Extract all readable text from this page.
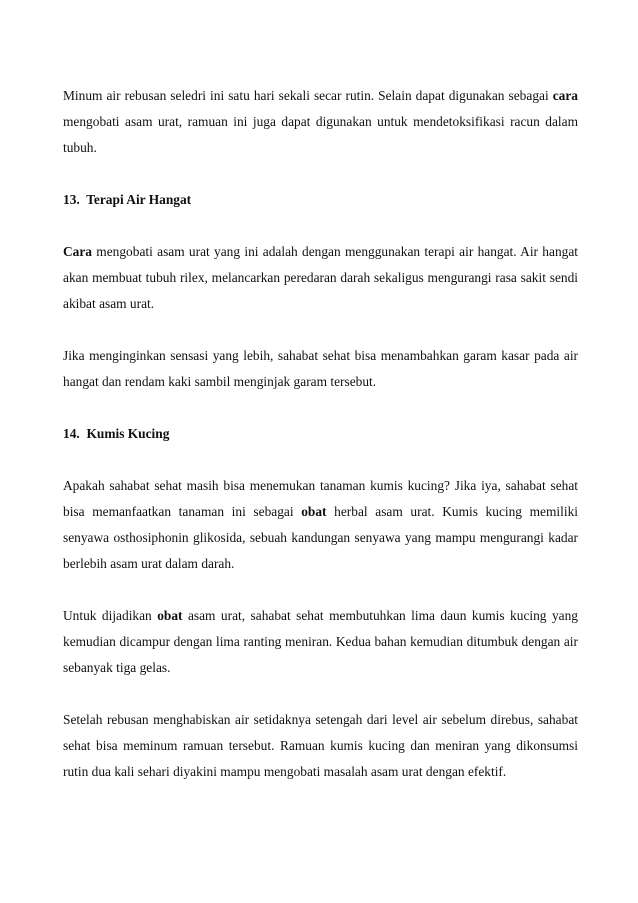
Minum air rebusan seledri ini satu hari sekali secar rutin. Selain dapat digunakan sebagai cara mengobati asam urat, ramuan ini juga dapat digunakan untuk mendetoksifikasi racun dalam tubuh.

13. Terapi Air Hangat

Cara mengobati asam urat yang ini adalah dengan menggunakan terapi air hangat. Air hangat akan membuat tubuh rilex, melancarkan peredaran darah sekaligus mengurangi rasa sakit sendi akibat asam urat.

Jika menginginkan sensasi yang lebih, sahabat sehat bisa menambahkan garam kasar pada air hangat dan rendam kaki sambil menginjak garam tersebut.

14. Kumis Kucing

Apakah sahabat sehat masih bisa menemukan tanaman kumis kucing? Jika iya, sahabat sehat bisa memanfaatkan tanaman ini sebagai obat herbal asam urat. Kumis kucing memiliki senyawa osthosiphonin glikosida, sebuah kandungan senyawa yang mampu mengurangi kadar berlebih asam urat dalam darah.

Untuk dijadikan obat asam urat, sahabat sehat membutuhkan lima daun kumis kucing yang kemudian dicampur dengan lima ranting meniran. Kedua bahan kemudian ditumbuk dengan air sebanyak tiga gelas.

Setelah rebusan menghabiskan air setidaknya setengah dari level air sebelum direbus, sahabat sehat bisa meminum ramuan tersebut. Ramuan kumis kucing dan meniran yang dikonsumsi rutin dua kali sehari diyakini mampu mengobati masalah asam urat dengan efektif.
